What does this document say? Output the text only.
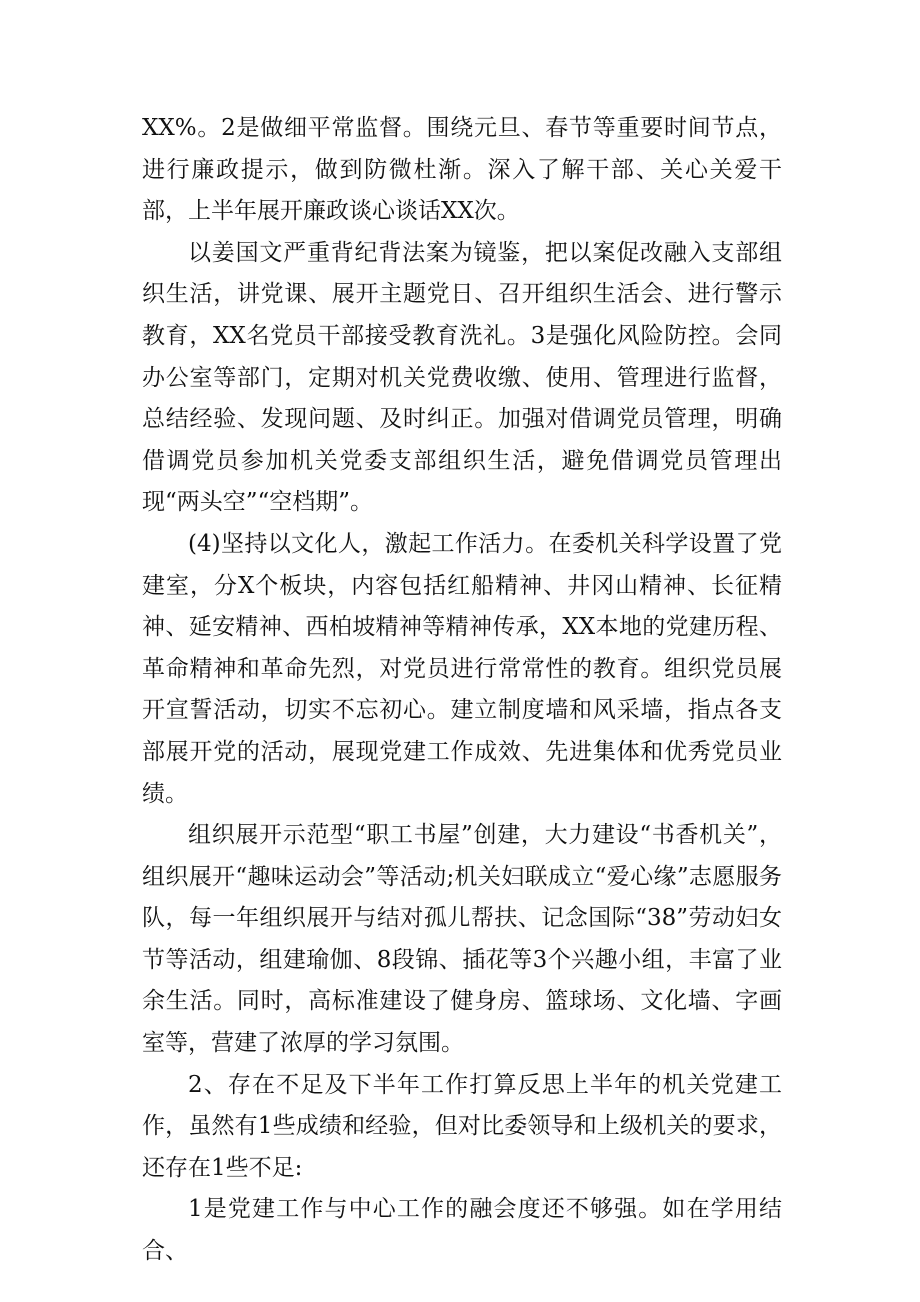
XX%。2是做细平常监督。围绕元旦、春节等重要时间节点，进行廉政提示，做到防微杜渐。深入了解干部、关心关爱干部，上半年展开廉政谈心谈话XX次。

以姜国文严重背纪背法案为镜鉴，把以案促改融入支部组织生活，讲党课、展开主题党日、召开组织生活会、进行警示教育，XX名党员干部接受教育洗礼。3是强化风险防控。会同办公室等部门，定期对机关党费收缴、使用、管理进行监督，总结经验、发现问题、及时纠正。加强对借调党员管理，明确借调党员参加机关党委支部组织生活，避免借调党员管理出现“两头空”“空档期”。

(4)坚持以文化人，激起工作活力。在委机关科学设置了党建室，分X个板块，内容包括红船精神、井冈山精神、长征精神、延安精神、西柏坡精神等精神传承，XX本地的党建历程、革命精神和革命先烈，对党员进行常常性的教育。组织党员展开宣誓活动，切实不忘初心。建立制度墙和风采墙，指点各支部展开党的活动，展现党建工作成效、先进集体和优秀党员业绩。

组织展开示范型“职工书屋”创建，大力建设“书香机关”，组织展开“趣味运动会”等活动;机关妇联成立“爱心缘”志愿服务队，每一年组织展开与结对孤儿帮扶、记念国际“38”劳动妇女节等活动，组建瑜伽、8段锦、插花等3个兴趣小组，丰富了业余生活。同时，高标准建设了健身房、篮球场、文化墙、字画室等，营建了浓厚的学习氛围。

2、存在不足及下半年工作打算反思上半年的机关党建工作，虽然有1些成绩和经验，但对比委领导和上级机关的要求，还存在1些不足:

1是党建工作与中心工作的融会度还不够强。如在学用结合、
